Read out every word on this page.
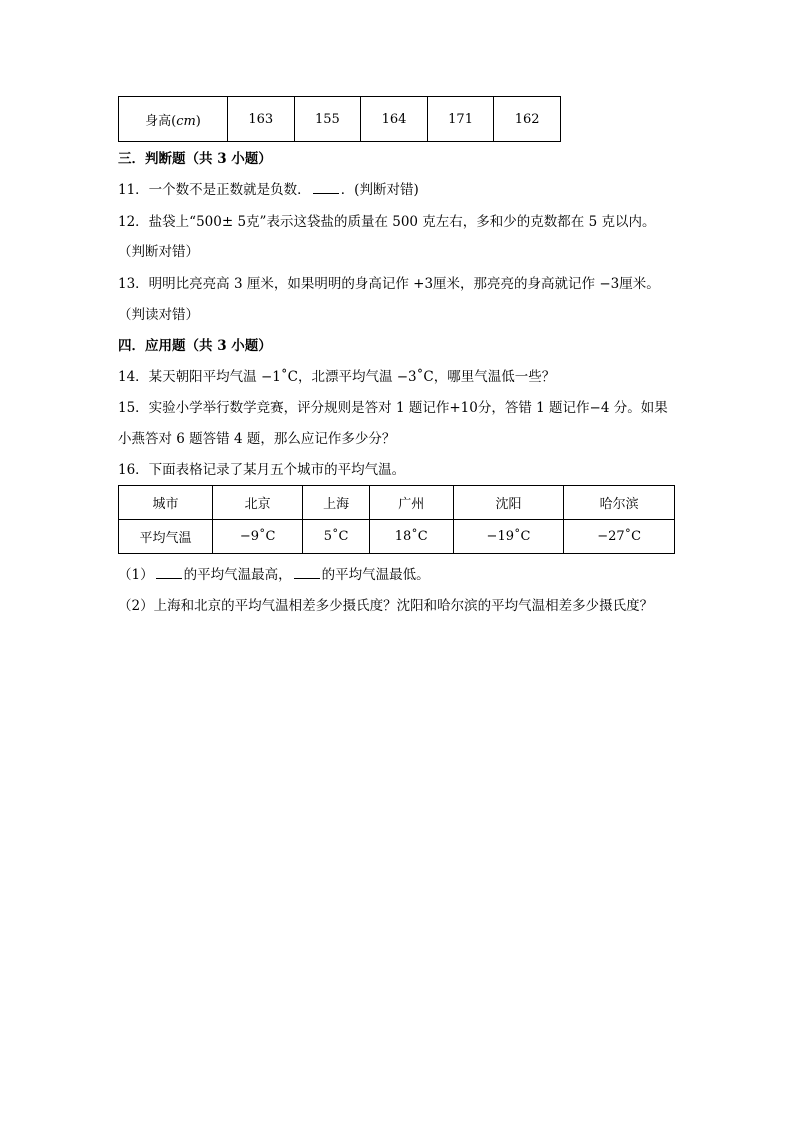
身高(cm)	163	155	164	171	162
三．判断题（共 3 小题）
11．一个数不是正数就是负数． ．(判断对错)
12．盐袋上“500± 5克”表示这袋盐的质量在 500 克左右，多和少的克数都在 5 克以内。
（判断对错）
13．明明比亮亮高 3 厘米，如果明明的身高记作 +3厘米，那亮亮的身高就记作 −3厘米。
（判读对错）
四．应用题（共 3 小题）
14．某天朝阳平均气温 −1˚C，北漂平均气温 −3˚C，哪里气温低一些？
15．实验小学举行数学竞赛，评分规则是答对 1 题记作+10分，答错 1 题记作−4 分。如果
小燕答对 6 题答错 4 题，那么应记作多少分？
16．下面表格记录了某月五个城市的平均气温。
城市	北京	上海	广州	沈阳	哈尔滨
平均气温	−9˚C	5˚C	18˚C	−19˚C	−27˚C
（1） 的平均气温最高， 的平均气温最低。
（2）上海和北京的平均气温相差多少摄氏度？沈阳和哈尔滨的平均气温相差多少摄氏度？
